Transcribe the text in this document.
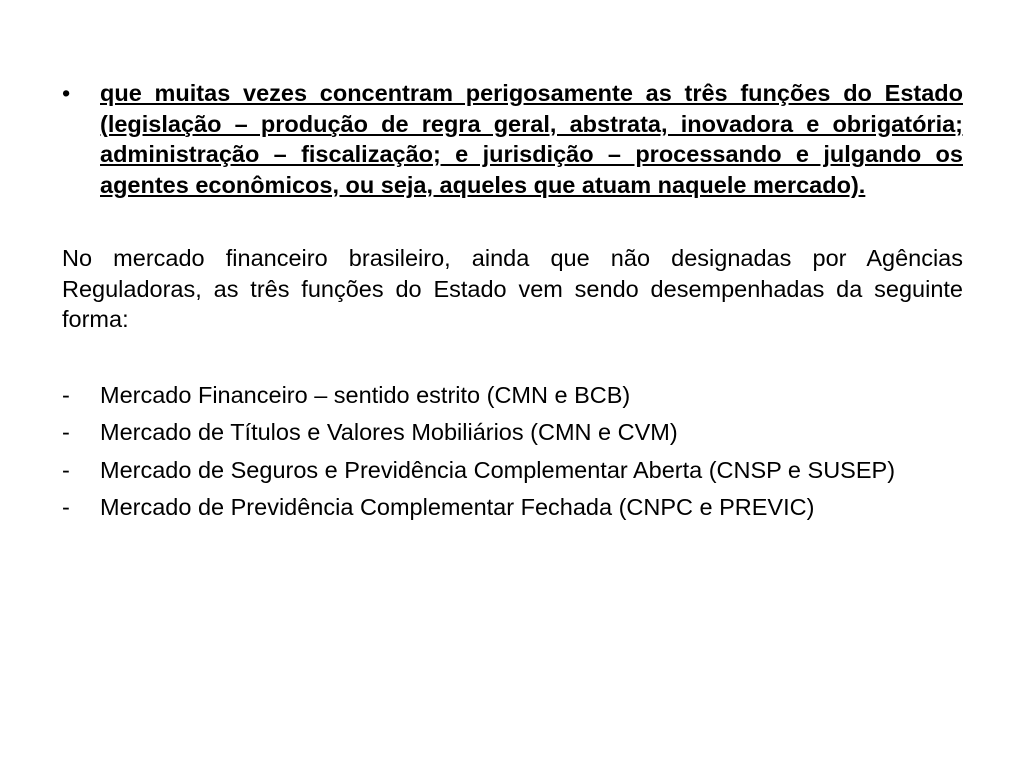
•	que muitas vezes concentram perigosamente as três funções do Estado (legislação – produção de regra geral, abstrata, inovadora e obrigatória; administração – fiscalização; e jurisdição – processando e julgando os agentes econômicos, ou seja, aqueles que atuam naquele mercado).
No mercado financeiro brasileiro, ainda que não designadas por Agências Reguladoras, as três funções do Estado vem sendo desempenhadas da seguinte forma:
-	Mercado Financeiro – sentido estrito (CMN e BCB)
-	Mercado de Títulos e Valores Mobiliários (CMN e CVM)
-	Mercado de Seguros e Previdência Complementar Aberta (CNSP e SUSEP)
-	Mercado de Previdência Complementar Fechada (CNPC e PREVIC)
